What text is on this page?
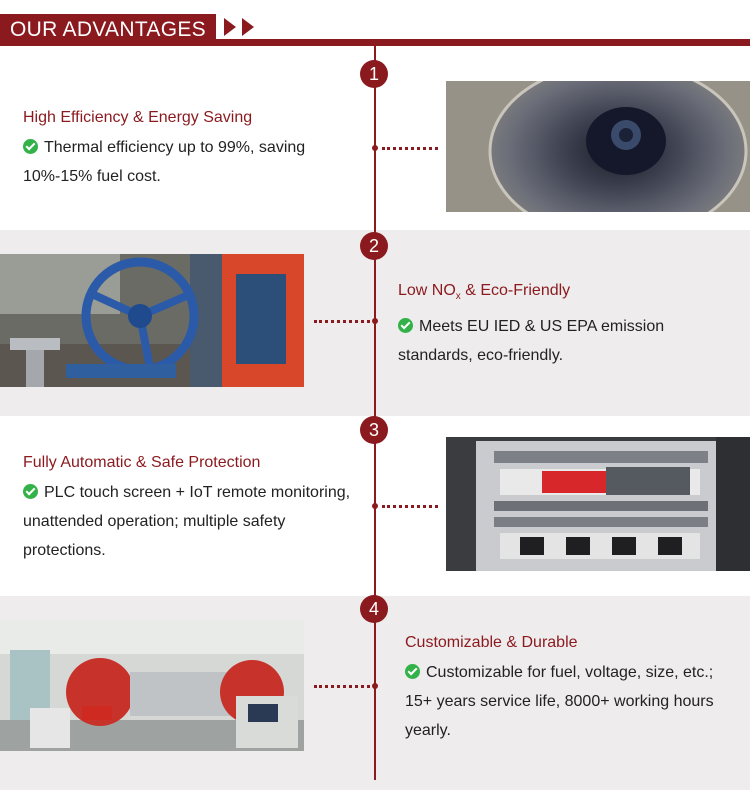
OUR ADVANTAGES
1
High Efficiency & Energy Saving
Thermal efficiency up to 99%, saving
10%-15% fuel cost.
2
Low $NO_x$ & Eco-Friendly
Meets EU IED & US EPA emission
standards, eco-friendly.
3
Fully Automatic & Safe Protection
PLC touch screen + IoT remote monitoring,
unattended operation; multiple safety
protections.
4
Customizable & Durable
Customizable for fuel, voltage, size, etc.;
15+ years service life, 8000+ working hours
yearly.
